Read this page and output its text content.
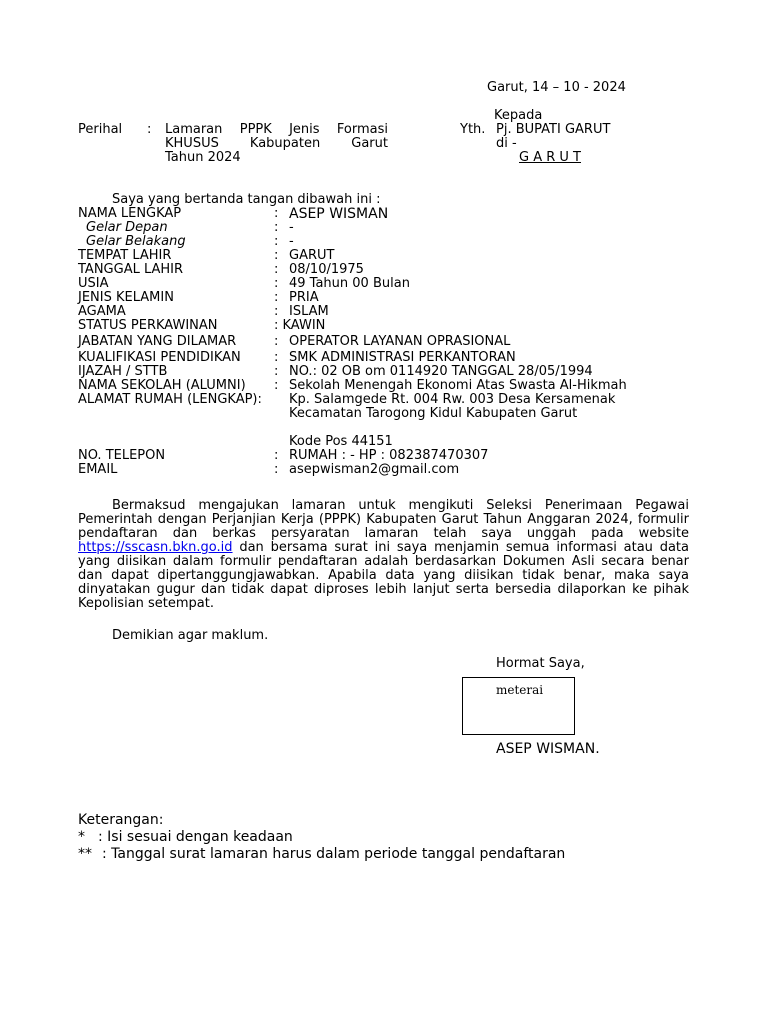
Garut, 14 – 10 - 2024
Kepada
Yth. Pj. BUPATI GARUT
di -
G A R U T
Perihal : Lamaran PPPK Jenis Formasi
KHUSUS Kabupaten Garut
Tahun 2024
Saya yang bertanda tangan dibawah ini :
NAMA LENGKAP	: ASEP WISMAN
Gelar Depan	: -
Gelar Belakang	: -
TEMPAT LAHIR	: GARUT
TANGGAL LAHIR	: 08/10/1975
USIA	: 49 Tahun 00 Bulan
JENIS KELAMIN	: PRIA
AGAMA	: ISLAM
STATUS PERKAWINAN	: KAWIN
JABATAN YANG DILAMAR	: OPERATOR LAYANAN OPRASIONAL
KUALIFIKASI PENDIDIKAN	: SMK ADMINISTRASI PERKANTORAN
IJAZAH / STTB	: NO.: 02 OB om 0114920 TANGGAL 28/05/1994
NAMA SEKOLAH (ALUMNI) : Sekolah Menengah Ekonomi Atas Swasta Al-Hikmah
ALAMAT RUMAH (LENGKAP): Kp. Salamgede Rt. 004 Rw. 003 Desa Kersamenak
Kecamatan Tarogong Kidul Kabupaten Garut
Kode Pos 44151
NO. TELEPON	: RUMAH : - HP : 082387470307
EMAIL	: asepwisman2@gmail.com
Bermaksud mengajukan lamaran untuk mengikuti Seleksi Penerimaan Pegawai Pemerintah dengan Perjanjian Kerja (PPPK) Kabupaten Garut Tahun Anggaran 2024, formulir pendaftaran dan berkas persyaratan lamaran telah saya unggah pada website https://sscasn.bkn.go.id dan bersama surat ini saya menjamin semua informasi atau data yang diisikan dalam formulir pendaftaran adalah berdasarkan Dokumen Asli secara benar dan dapat dipertanggungjawabkan. Apabila data yang diisikan tidak benar, maka saya dinyatakan gugur dan tidak dapat diproses lebih lanjut serta bersedia dilaporkan ke pihak Kepolisian setempat.
Demikian agar maklum.
Hormat Saya,
meterai
ASEP WISMAN.
Keterangan:
* : Isi sesuai dengan keadaan
** : Tanggal surat lamaran harus dalam periode tanggal pendaftaran
